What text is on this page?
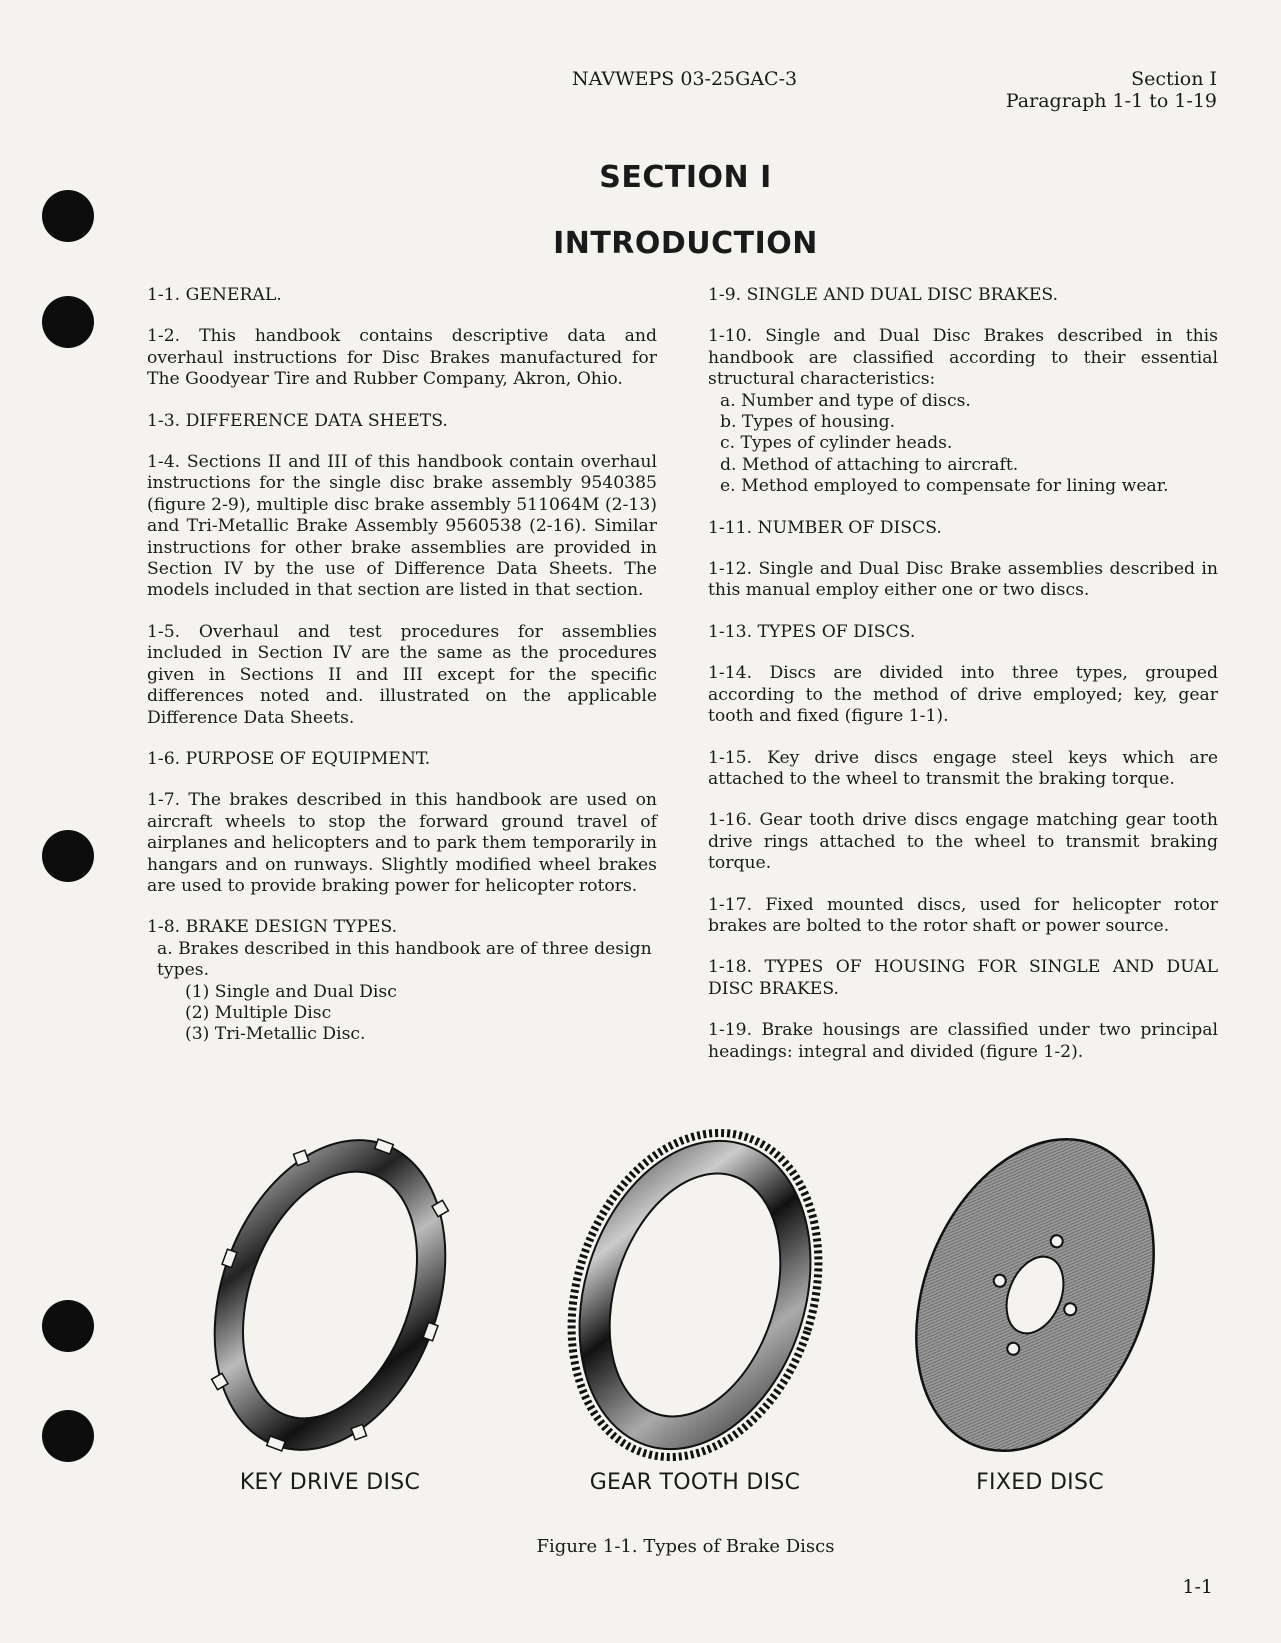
NAVWEPS 03-25GAC-3	Section I
Paragraph 1-1 to 1-19
SECTION I
INTRODUCTION

1-1. GENERAL.

1-2. This handbook contains descriptive data and overhaul instructions for Disc Brakes manufactured for The Goodyear Tire and Rubber Company, Akron, Ohio.

1-3. DIFFERENCE DATA SHEETS.

1-4. Sections II and III of this handbook contain overhaul instructions for the single disc brake assembly 9540385 (figure 2-9), multiple disc brake assembly 511064M (2-13) and Tri-Metallic Brake Assembly 9560538 (2-16). Similar instructions for other brake assemblies are provided in Section IV by the use of Difference Data Sheets. The models included in that section are listed in that section.

1-5. Overhaul and test procedures for assemblies included in Section IV are the same as the procedures given in Sections II and III except for the specific differences noted and. illustrated on the applicable Difference Data Sheets.

1-6. PURPOSE OF EQUIPMENT.

1-7. The brakes described in this handbook are used on aircraft wheels to stop the forward ground travel of airplanes and helicopters and to park them temporarily in hangars and on runways. Slightly modified wheel brakes are used to provide braking power for helicopter rotors.

1-8. BRAKE DESIGN TYPES.
a. Brakes described in this handbook are of three design types.
(1) Single and Dual Disc
(2) Multiple Disc
(3) Tri-Metallic Disc.

1-9. SINGLE AND DUAL DISC BRAKES.

1-10. Single and Dual Disc Brakes described in this handbook are classified according to their essential structural characteristics:
a. Number and type of discs.
b. Types of housing.
c. Types of cylinder heads.
d. Method of attaching to aircraft.
e. Method employed to compensate for lining wear.

1-11. NUMBER OF DISCS.

1-12. Single and Dual Disc Brake assemblies described in this manual employ either one or two discs.

1-13. TYPES OF DISCS.

1-14. Discs are divided into three types, grouped according to the method of drive employed; key, gear tooth and fixed (figure 1-1).

1-15. Key drive discs engage steel keys which are attached to the wheel to transmit the braking torque.

1-16. Gear tooth drive discs engage matching gear tooth drive rings attached to the wheel to transmit braking torque.

1-17. Fixed mounted discs, used for helicopter rotor brakes are bolted to the rotor shaft or power source.

1-18. TYPES OF HOUSING FOR SINGLE AND DUAL DISC BRAKES.

1-19. Brake housings are classified under two principal headings: integral and divided (figure 1-2).

KEY DRIVE DISC	GEAR TOOTH DISC	FIXED DISC
Figure 1-1. Types of Brake Discs
1-1
